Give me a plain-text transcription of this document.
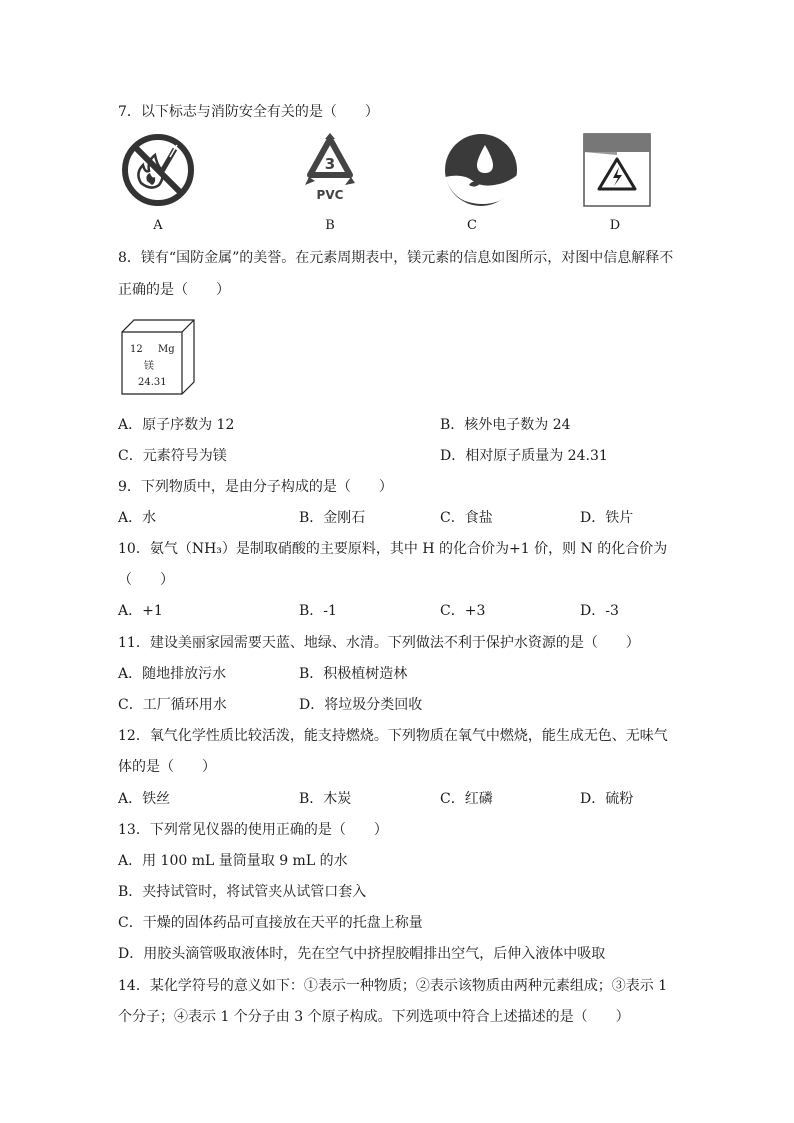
7．以下标志与消防安全有关的是（　　）
A
3
PVC
B	C	D
8．镁有“国防金属”的美誉。在元素周期表中，镁元素的信息如图所示，对图中信息解释不
正确的是（　　）
12 Mg
镁
24.31
A．原子序数为 12	B．核外电子数为 24
C．元素符号为镁	D．相对原子质量为 24.31
9．下列物质中，是由分子构成的是（　　）
A．水	B．金刚石	C．食盐	D．铁片
10．氨气（NH₃）是制取硝酸的主要原料，其中 H 的化合价为+1 价，则 N 的化合价为
（　　）
A．+1	B．-1	C．+3	D．-3
11．建设美丽家园需要天蓝、地绿、水清。下列做法不利于保护水资源的是（　　）
A．随地排放污水	B．积极植树造林
C．工厂循环用水	D．将垃圾分类回收
12．氧气化学性质比较活泼，能支持燃烧。下列物质在氧气中燃烧，能生成无色、无味气
体的是（　　）
A．铁丝	B．木炭	C．红磷	D．硫粉
13．下列常见仪器的使用正确的是（　　）
A．用 100 mL 量筒量取 9 mL 的水
B．夹持试管时，将试管夹从试管口套入
C．干燥的固体药品可直接放在天平的托盘上称量
D．用胶头滴管吸取液体时，先在空气中挤捏胶帽排出空气，后伸入液体中吸取
14．某化学符号的意义如下：①表示一种物质；②表示该物质由两种元素组成；③表示 1
个分子；④表示 1 个分子由 3 个原子构成。下列选项中符合上述描述的是（　　）
